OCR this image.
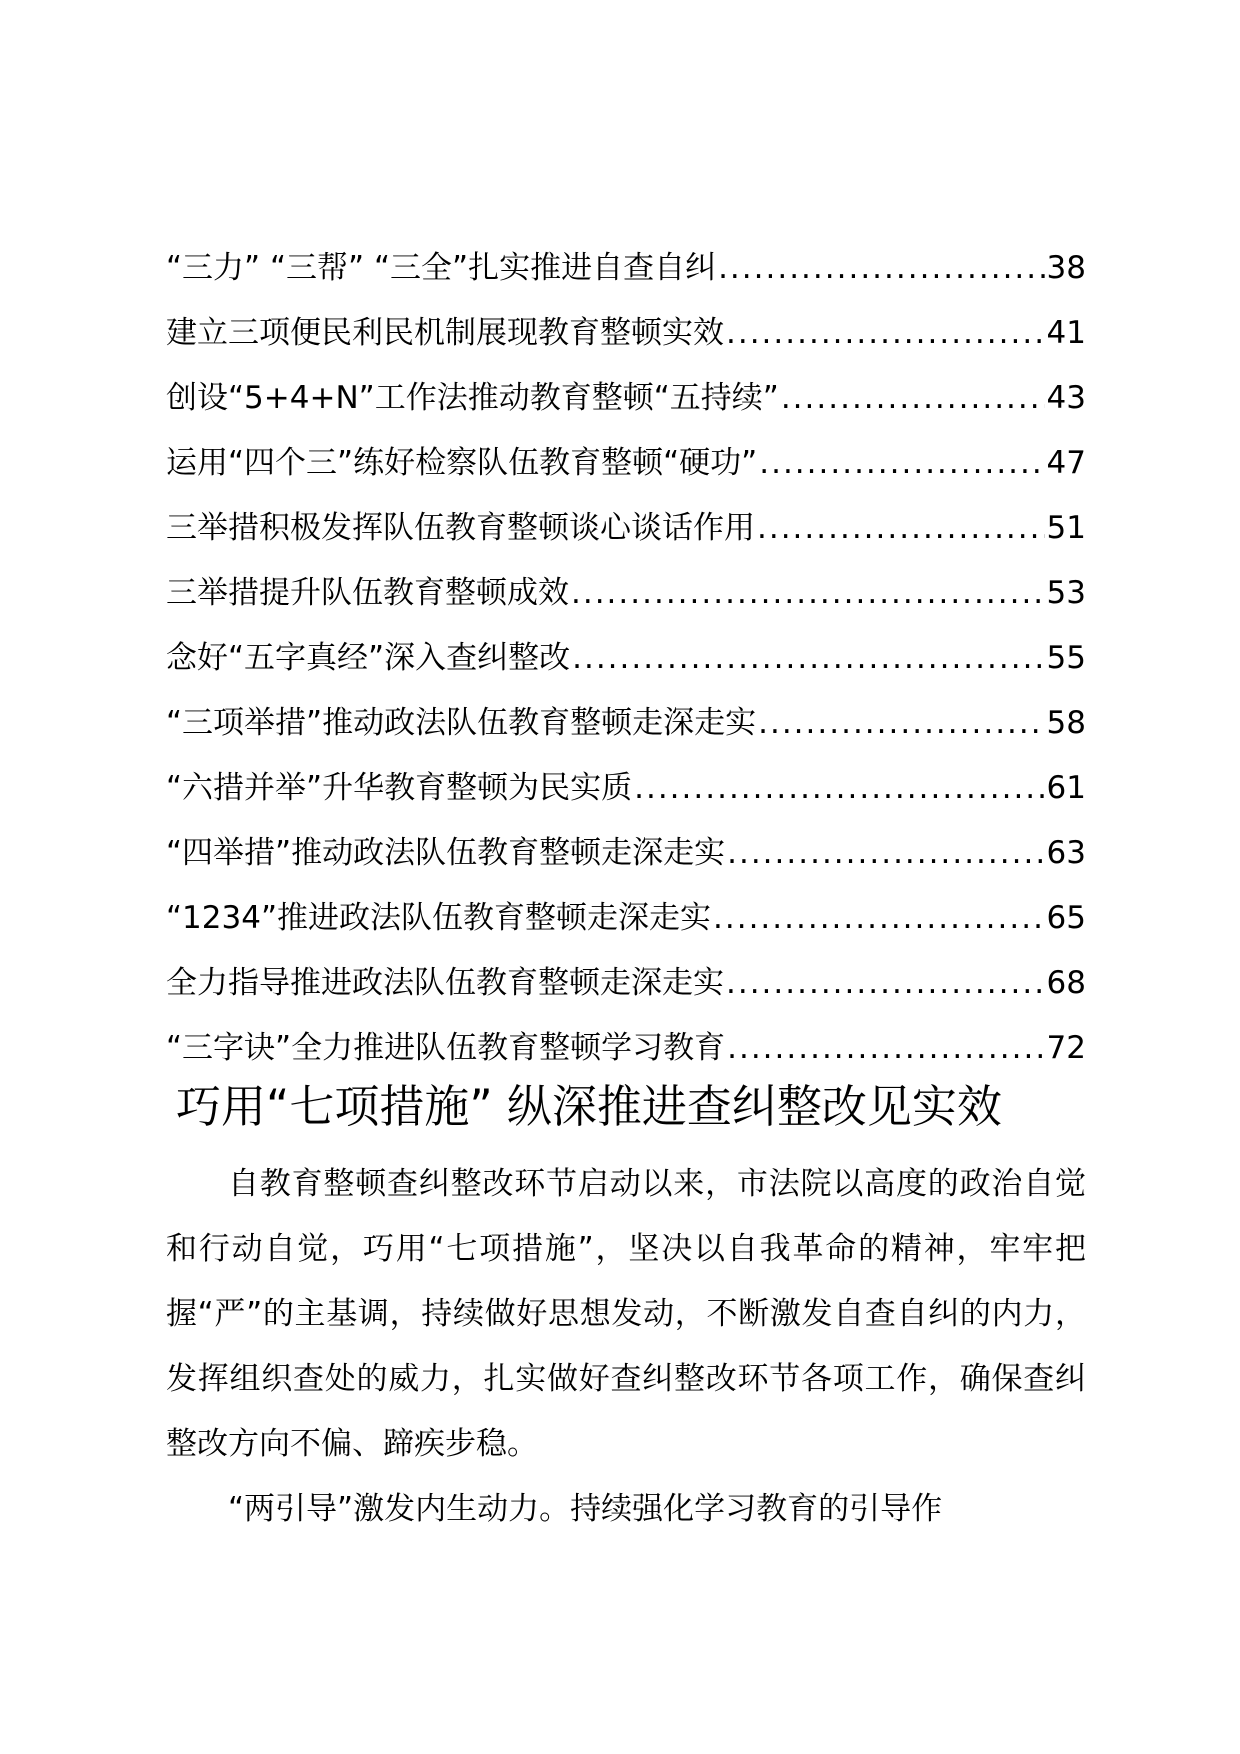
“三力” “三帮” “三全”扎实推进自查自纠 .....	38
建立三项便民利民机制展现教育整顿实效 .....	41
创设“5+4+N”工作法推动教育整顿“五持续” .....	43
运用“四个三”练好检察队伍教育整顿“硬功” .....	47
三举措积极发挥队伍教育整顿谈心谈话作用 .....	51
三举措提升队伍教育整顿成效 .....	53
念好“五字真经”深入查纠整改 .....	55
“三项举措”推动政法队伍教育整顿走深走实 .....	58
“六措并举”升华教育整顿为民实质 .....	61
“四举措”推动政法队伍教育整顿走深走实 .....	63
“1234”推进政法队伍教育整顿走深走实 .....	65
全力指导推进政法队伍教育整顿走深走实 .....	68
“三字诀”全力推进队伍教育整顿学习教育 .....	72
巧用“七项措施” 纵深推进查纠整改见实效

自教育整顿查纠整改环节启动以来，市法院以高度的政治自觉和行动自觉，巧用“七项措施”，坚决以自我革命的精神，牢牢把握“严”的主基调，持续做好思想发动，不断激发自查自纠的内力，发挥组织查处的威力，扎实做好查纠整改环节各项工作，确保查纠整改方向不偏、蹄疾步稳。

“两引导”激发内生动力。持续强化学习教育的引导作
